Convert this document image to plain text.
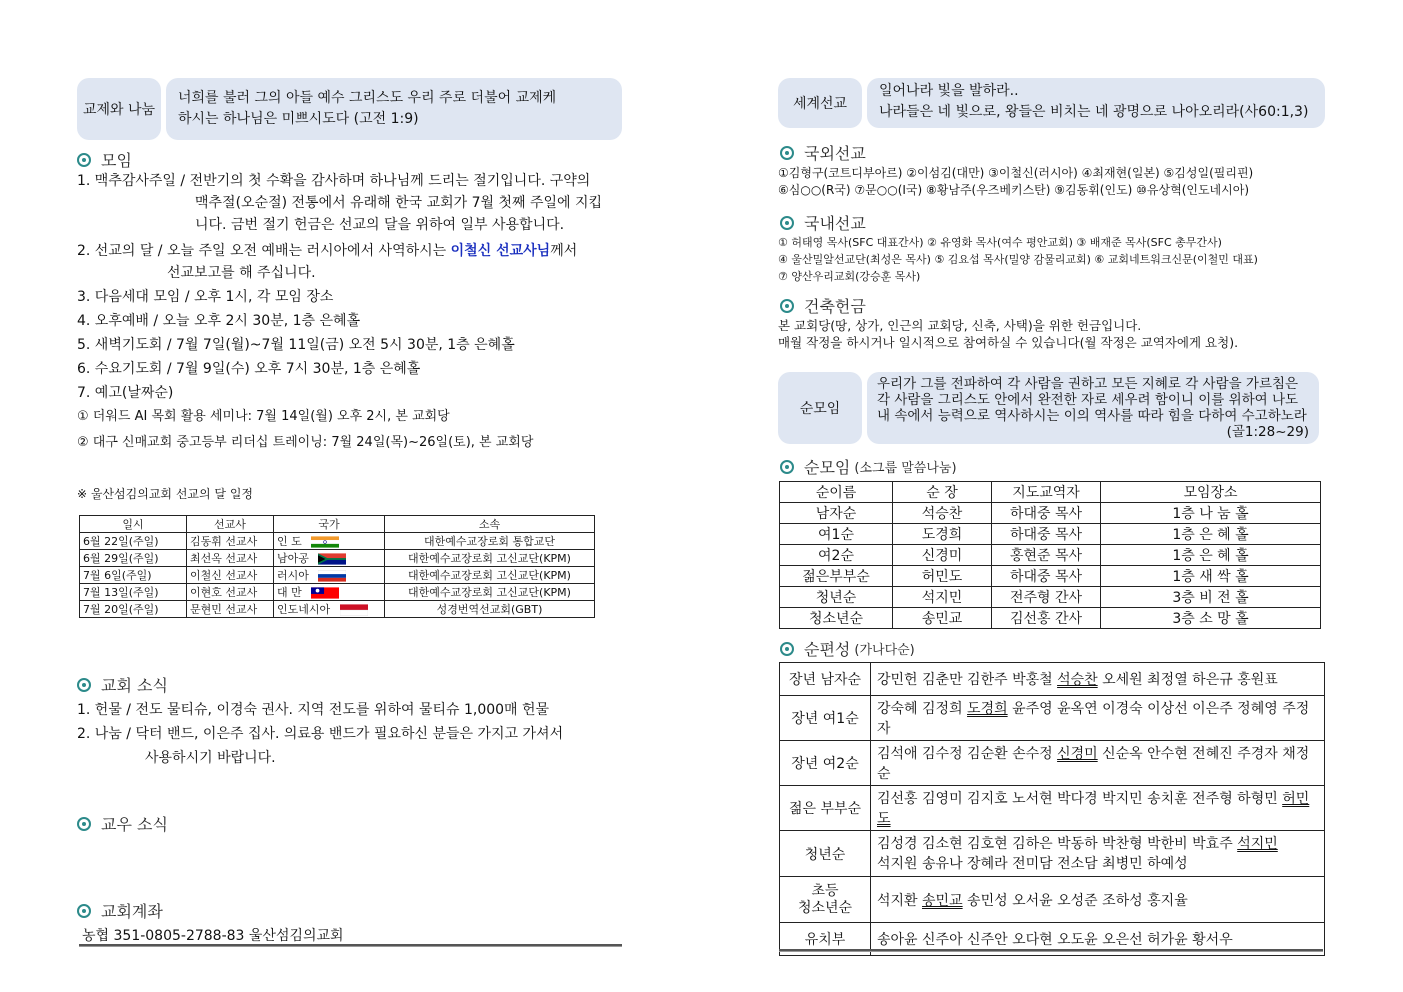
교제와 나눔
너희를 불러 그의 아들 예수 그리스도 우리 주로 더불어 교제케
하시는 하나님은 미쁘시도다 (고전 1:9)
모임
1. 맥추감사주일 / 전반기의 첫 수확을 감사하며 하나님께 드리는 절기입니다. 구약의
맥추절(오순절) 전통에서 유래해 한국 교회가 7월 첫째 주일에 지킵
니다. 금번 절기 헌금은 선교의 달을 위하여 일부 사용합니다.
2. 선교의 달 / 오늘 주일 오전 예배는 러시아에서 사역하시는 이철신 선교사님께서
선교보고를 해 주십니다.
3. 다음세대 모임 / 오후 1시, 각 모임 장소
4. 오후예배 / 오늘 오후 2시 30분, 1층 은혜홀
5. 새벽기도회 / 7월 7일(월)~7월 11일(금) 오전 5시 30분, 1층 은혜홀
6. 수요기도회 / 7월 9일(수) 오후 7시 30분, 1층 은혜홀
7. 예고(날짜순)
① 더워드 AI 목회 활용 세미나: 7월 14일(월) 오후 2시, 본 교회당
② 대구 신매교회 중고등부 리더십 트레이닝: 7월 24일(목)~26일(토), 본 교회당
※ 울산섬김의교회 선교의 달 일정
일시	선교사	국가	소속
6월 22일(주일)	김동휘 선교사	인 도	대한예수교장로회 통합교단
6월 29일(주일)	최선옥 선교사	남아공	대한예수교장로회 고신교단(KPM)
7월 6일(주일)	이철신 선교사	러시아	대한예수교장로회 고신교단(KPM)
7월 13일(주일)	이현호 선교사	대 만	대한예수교장로회 고신교단(KPM)
7월 20일(주일)	문현민 선교사	인도네시아	성경번역선교회(GBT)
교회 소식
1. 헌물 / 전도 물티슈, 이경숙 권사. 지역 전도를 위하여 물티슈 1,000매 헌물
2. 나눔 / 닥터 밴드, 이은주 집사. 의료용 밴드가 필요하신 분들은 가지고 가셔서
사용하시기 바랍니다.
교우 소식
교회계좌
농협 351-0805-2788-83 울산섬김의교회
세계선교
일어나라 빛을 발하라..
나라들은 네 빛으로, 왕들은 비치는 네 광명으로 나아오리라(사60:1,3)
국외선교
①김형구(코트디부아르) ②이섬김(대만) ③이철신(러시아) ④최재현(일본) ⑤김성일(필리핀)
⑥심○○(R국) ⑦문○○(I국) ⑧황남주(우즈베키스탄) ⑨김동휘(인도) ⑩유상혁(인도네시아)
국내선교
① 허태영 목사(SFC 대표간사) ② 유영화 목사(여수 평안교회) ③ 배재준 목사(SFC 총무간사)
④ 울산밀알선교단(최성은 목사) ⑤ 김요섭 목사(밀양 감물리교회) ⑥ 교회네트워크신문(이철민 대표)
⑦ 양산우리교회(강승훈 목사)
건축헌금
본 교회당(땅, 상가, 인근의 교회당, 신축, 사택)을 위한 헌금입니다.
매월 작정을 하시거나 일시적으로 참여하실 수 있습니다(월 작정은 교역자에게 요청).
순모임
우리가 그를 전파하여 각 사람을 권하고 모든 지혜로 각 사람을 가르침은
각 사람을 그리스도 안에서 완전한 자로 세우려 함이니 이를 위하여 나도
내 속에서 능력으로 역사하시는 이의 역사를 따라 힘을 다하여 수고하노라
(골1:28~29)
순모임 (소그룹 말씀나눔)
순이름	순 장	지도교역자	모임장소
남자순	석승찬	하대중 목사	1층 나 눔 홀
여1순	도경희	하대중 목사	1층 은 혜 홀
여2순	신경미	홍현준 목사	1층 은 혜 홀
젊은부부순	허민도	하대중 목사	1층 새 싹 홀
청년순	석지민	전주형 간사	3층 비 전 홀
청소년순	송민교	김선홍 간사	3층 소 망 홀
순편성 (가나다순)
장년 남자순	강민헌 김춘만 김한주 박홍철 석승찬 오세원 최정열 하은규 홍원표
장년 여1순	강숙혜 김정희 도경희 윤주영 윤옥연 이경숙 이상선 이은주 정혜영 주정자
장년 여2순	김석애 김수정 김순환 손수정 신경미 신순옥 안수현 전혜진 주경자 채정순
젊은 부부순	김선홍 김영미 김지호 노서현 박다경 박지민 송치훈 전주형 하형민 허민도
청년순	김성경 김소현 김호현 김하은 박동하 박찬형 박한비 박효주 석지민
석지원 송유나 장혜라 전미담 전소담 최병민 하예성
초등
청소년순	석지환 송민교 송민성 오서윤 오성준 조하성 홍지율
유치부	송아윤 신주아 신주안 오다현 오도윤 오은선 허가윤 황서우
